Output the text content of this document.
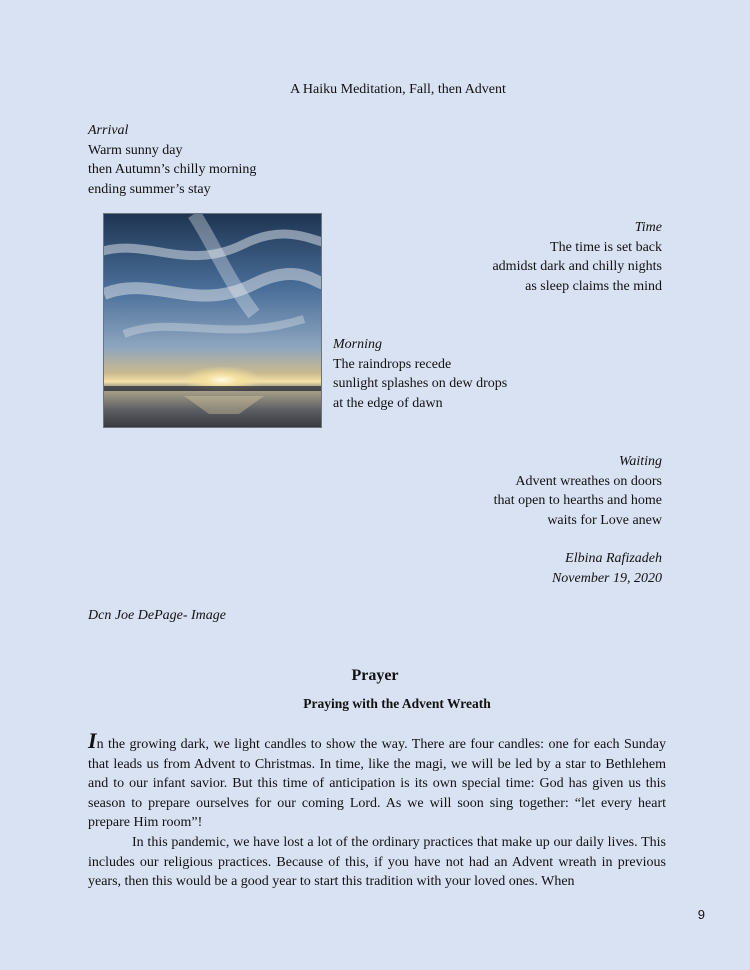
A Haiku Meditation, Fall, then Advent
Arrival
Warm sunny day
then Autumn’s chilly morning
ending summer’s stay
Time
The time is set back
admidst dark and chilly nights
as sleep claims the mind
Morning
The raindrops recede
sunlight splashes on dew drops
at the edge of dawn
Waiting
Advent wreathes on doors
that open to hearths and home
waits for Love anew
Elbina Rafizadeh
November 19, 2020
Dcn Joe DePage- Image
Prayer
Praying with the Advent Wreath

In the growing dark, we light candles to show the way. There are four candles: one for each Sunday that leads us from Advent to Christmas. In time, like the magi, we will be led by a star to Bethlehem and to our infant savior. But this time of anticipation is its own special time: God has given us this season to prepare ourselves for our coming Lord. As we will soon sing together: “let every heart prepare Him room”!

In this pandemic, we have lost a lot of the ordinary practices that make up our daily lives. This includes our religious practices. Because of this, if you have not had an Advent wreath in previous years, then this would be a good year to start this tradition with your loved ones. When

9
